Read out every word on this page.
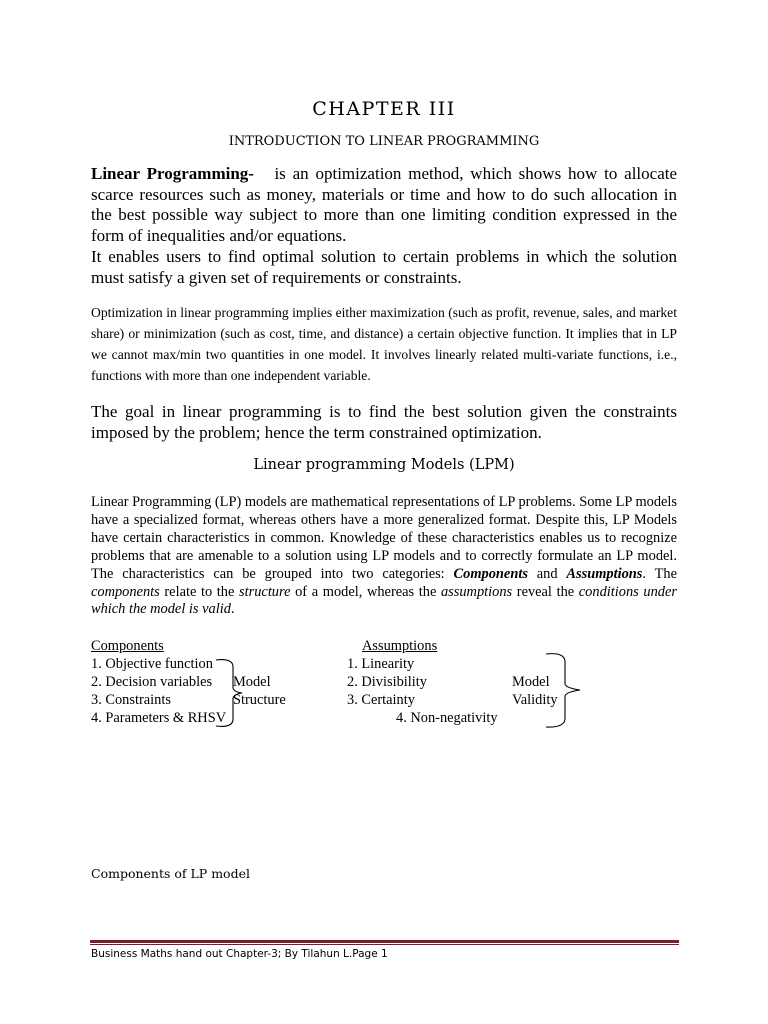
CHAPTER III
INTRODUCTION TO LINEAR PROGRAMMING
Linear Programming- is an optimization method, which shows how to allocate scarce resources such as money, materials or time and how to do such allocation in the best possible way subject to more than one limiting condition expressed in the form of inequalities and/or equations.
It enables users to find optimal solution to certain problems in which the solution must satisfy a given set of requirements or constraints.
Optimization in linear programming implies either maximization (such as profit, revenue, sales, and market share) or minimization (such as cost, time, and distance) a certain objective function. It implies that in LP we cannot max/min two quantities in one model. It involves linearly related multi-variate functions, i.e., functions with more than one independent variable.
The goal in linear programming is to find the best solution given the constraints imposed by the problem; hence the term constrained optimization.
Linear programming Models (LPM)
Linear Programming (LP) models are mathematical representations of LP problems. Some LP models have a specialized format, whereas others have a more generalized format. Despite this, LP Models have certain characteristics in common. Knowledge of these characteristics enables us to recognize problems that are amenable to a solution using LP models and to correctly formulate an LP model. The characteristics can be grouped into two categories: Components and Assumptions. The components relate to the structure of a model, whereas the assumptions reveal the conditions under which the model is valid.
Components
1. Objective function
2. Decision variables
3. Constraints
4. Parameters & RHSV
Model
Structure
Assumptions
1. Linearity
2. Divisibility
3. Certainty
4. Non-negativity
Model
Validity
Components of LP model
Business Maths hand out Chapter-3; By Tilahun L.Page 1
